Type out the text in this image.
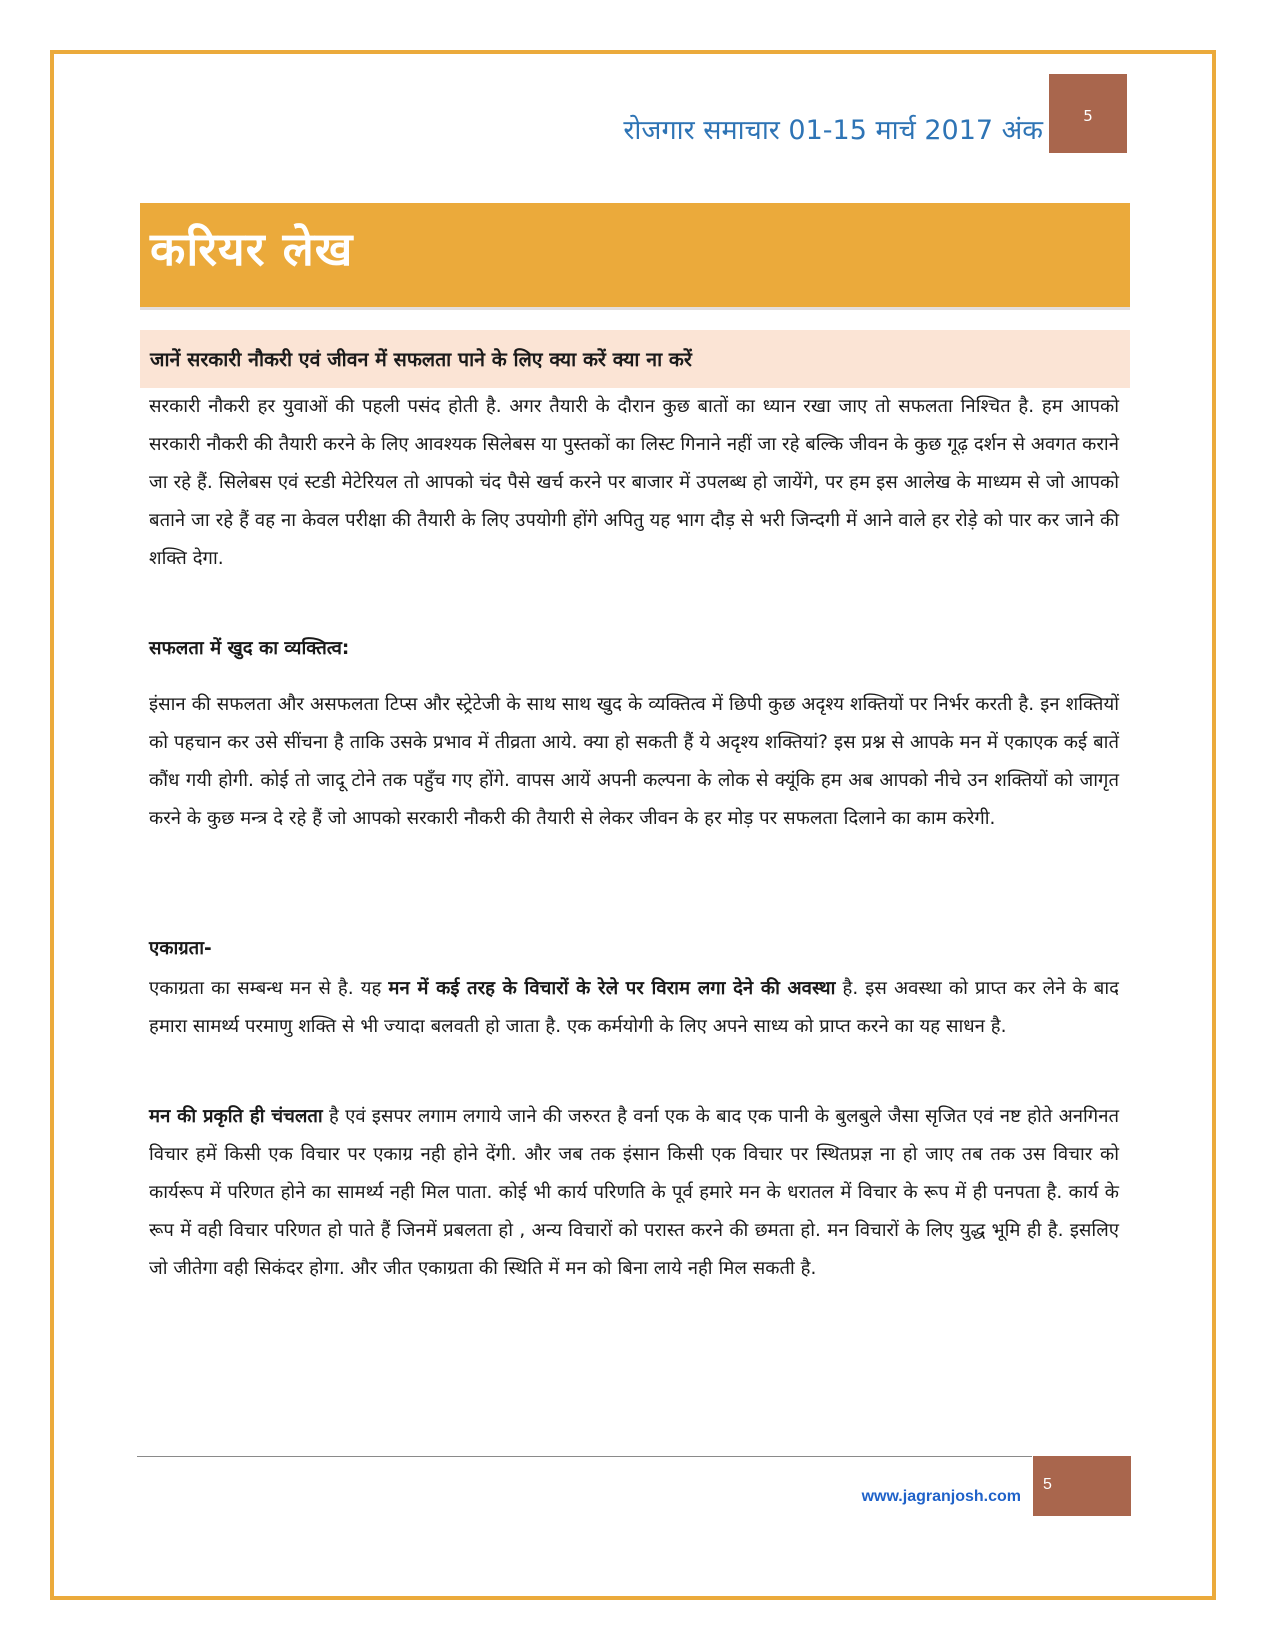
रोजगार समाचार 01-15 मार्च 2017 अंक	5
करियर लेख
जानें सरकारी नौकरी एवं जीवन में सफलता पाने के लिए क्या करें क्या ना करें

सरकारी नौकरी हर युवाओं की पहली पसंद होती है. अगर तैयारी के दौरान कुछ बातों का ध्यान रखा जाए तो सफलता निश्चित है. हम आपको सरकारी नौकरी की तैयारी करने के लिए आवश्यक सिलेबस या पुस्तकों का लिस्ट गिनाने नहीं जा रहे बल्कि जीवन के कुछ गूढ़ दर्शन से अवगत कराने जा रहे हैं. सिलेबस एवं स्टडी मेटेरियल तो आपको चंद पैसे खर्च करने पर बाजार में उपलब्ध हो जायेंगे, पर हम इस आलेख के माध्यम से जो आपको बताने जा रहे हैं वह ना केवल परीक्षा की तैयारी के लिए उपयोगी होंगे अपितु यह भाग दौड़ से भरी जिन्दगी में आने वाले हर रोड़े को पार कर जाने की शक्ति देगा.

सफलता में खुद का व्यक्तित्व:

इंसान की सफलता और असफलता टिप्स और स्ट्रेटेजी के साथ साथ खुद के व्यक्तित्व में छिपी कुछ अदृश्य शक्तियों पर निर्भर करती है. इन शक्तियों को पहचान कर उसे सींचना है ताकि उसके प्रभाव में तीव्रता आये. क्या हो सकती हैं ये अदृश्य शक्तियां? इस प्रश्न से आपके मन में एकाएक कई बातें कौंध गयी होगी. कोई तो जादू टोने तक पहुँच गए होंगे. वापस आयें अपनी कल्पना के लोक से क्यूंकि हम अब आपको नीचे उन शक्तियों को जागृत करने के कुछ मन्त्र दे रहे हैं जो आपको सरकारी नौकरी की तैयारी से लेकर जीवन के हर मोड़ पर सफलता दिलाने का काम करेगी.

एकाग्रता-

एकाग्रता का सम्बन्ध मन से है. यह मन में कई तरह के विचारों के रेले पर विराम लगा देने की अवस्था है. इस अवस्था को प्राप्त कर लेने के बाद हमारा सामर्थ्य परमाणु शक्ति से भी ज्यादा बलवती हो जाता है. एक कर्मयोगी के लिए अपने साध्य को प्राप्त करने का यह साधन है.

मन की प्रकृति ही चंचलता है एवं इसपर लगाम लगाये जाने की जरुरत है वर्ना एक के बाद एक पानी के बुलबुले जैसा सृजित एवं नष्ट होते अनगिनत विचार हमें किसी एक विचार पर एकाग्र नही होने देंगी. और जब तक इंसान किसी एक विचार पर स्थितप्रज्ञ ना हो जाए तब तक उस विचार को कार्यरूप में परिणत होने का सामर्थ्य नही मिल पाता. कोई भी कार्य परिणति के पूर्व हमारे मन के धरातल में विचार के रूप में ही पनपता है. कार्य के रूप में वही विचार परिणत हो पाते हैं जिनमें प्रबलता हो , अन्य विचारों को परास्त करने की छमता हो. मन विचारों के लिए युद्ध भूमि ही है. इसलिए जो जीतेगा वही सिकंदर होगा. और जीत एकाग्रता की स्थिति में मन को बिना लाये नही मिल सकती है.

www.jagranjosh.com
5
